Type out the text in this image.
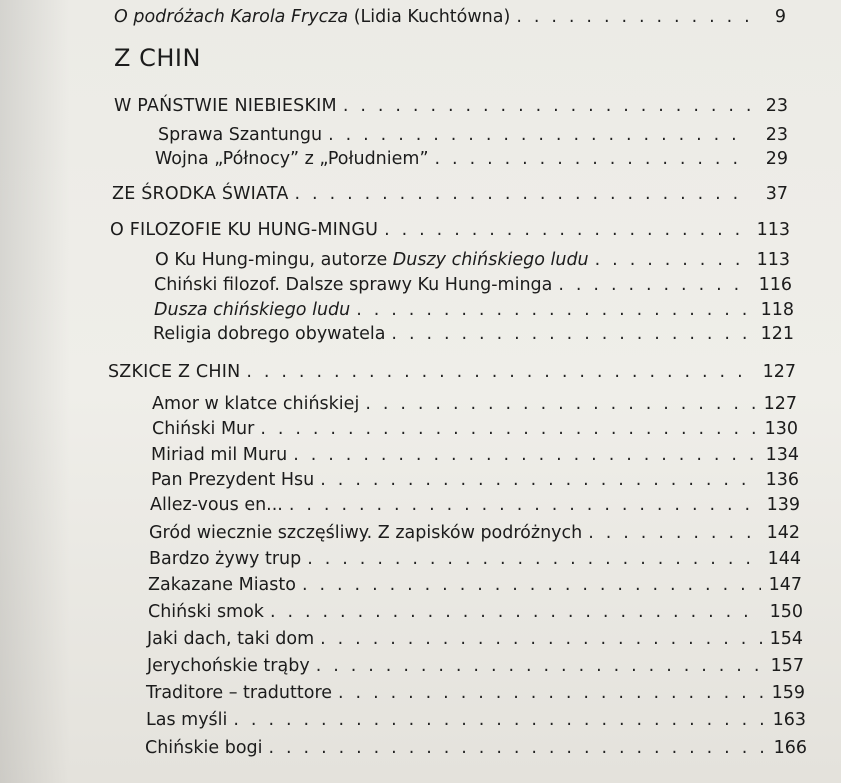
O podróżach Karola Frycza (Lidia Kuchtówna) . . .	9
Z CHIN
W PAŃSTWIE NIEBIESKIM . . .	23
Sprawa Szantungu . . .	23
Wojna „Północy” z „Południem” . . .	29
ZE ŚRODKA ŚWIATA . . .	37
O FILOZOFIE KU HUNG-MINGU . . .	113
O Ku Hung-mingu, autorze Duszy chińskiego ludu . . .	113
Chiński filozof. Dalsze sprawy Ku Hung-minga . . .	116
Dusza chińskiego ludu . . .	118
Religia dobrego obywatela . . .	121
SZKICE Z CHIN . . .	127
Amor w klatce chińskiej . . .	127
Chiński Mur . . .	130
Miriad mil Muru . . .	134
Pan Prezydent Hsu . . .	136
Allez-vous en... . . .	139
Gród wiecznie szczęśliwy. Z zapisków podróżnych . . .	142
Bardzo żywy trup . . .	144
Zakazane Miasto . . .	147
Chiński smok . . .	150
Jaki dach, taki dom . . .	154
Jerychońskie trąby . . .	157
Traditore – traduttore . . .	159
Las myśli . . .	163
Chińskie bogi . . .	166
